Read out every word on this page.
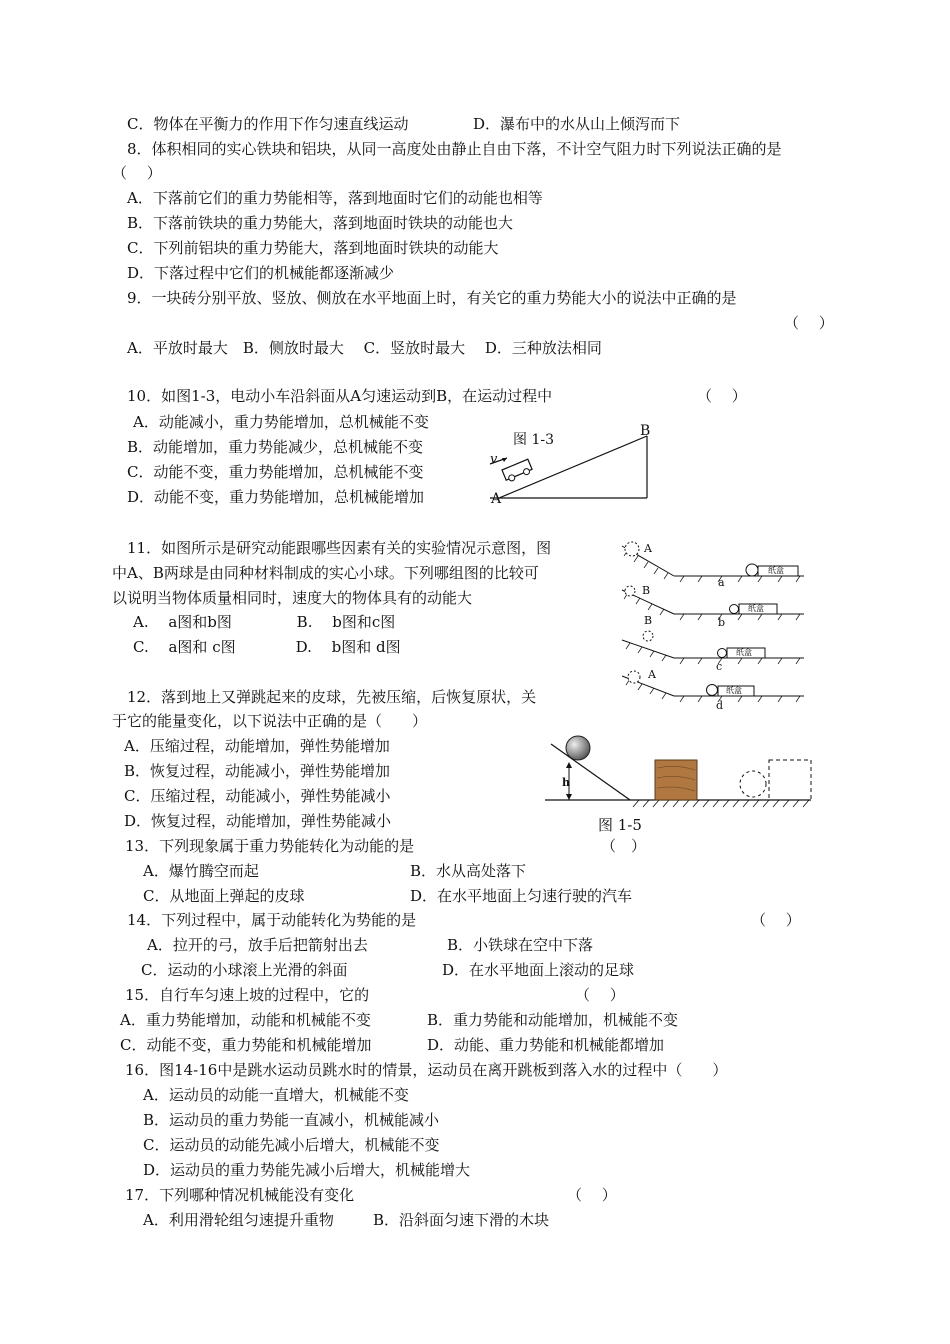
C．物体在平衡力的作用下作匀速直线运动	D．瀑布中的水从山上倾泻而下
8．体积相同的实心铁块和铝块，从同一高度处由静止自由下落，不计空气阻力时下列说法正确的是
（　 ）
A．下落前它们的重力势能相等，落到地面时它们的动能也相等
B．下落前铁块的重力势能大，落到地面时铁块的动能也大
C．下列前铝块的重力势能大，落到地面时铁块的动能大
D．下落过程中它们的机械能都逐渐减少
9．一块砖分别平放、竖放、侧放在水平地面上时，有关它的重力势能大小的说法中正确的是
（　 ）
A．平放时最大　B．侧放时最大　 C．竖放时最大　 D．三种放法相同
10．如图1-3，电动小车沿斜面从A匀速运动到B，在运动过程中	（　 ）
A．动能减小，重力势能增加，总机械能不变
B．动能增加，重力势能减少，总机械能不变
C．动能不变，重力势能增加，总机械能不变
D．动能不变，重力势能增加，总机械能增加
图 1-3
A
B
v
11．如图所示是研究动能跟哪些因素有关的实验情况示意图，图
中A、B两球是由同种材料制成的实心小球。下列哪组图的比较可
以说明当物体质量相同时，速度大的物体具有的动能大
A.　 a图和b图　　　　 B.　 b图和c图
C.　 a图和 c图　　　　D.　 b图和 d图
A
纸盒
a
B
纸盒
b
B
纸盒
c
A
纸盒
d
12．落到地上又弹跳起来的皮球，先被压缩，后恢复原状，关
于它的能量变化，以下说法中正确的是（　　）
A．压缩过程，动能增加，弹性势能增加
B．恢复过程，动能减小，弹性势能增加
C．压缩过程，动能减小，弹性势能减小
D．恢复过程，动能增加，弹性势能减小
h
图 1-5
13．下列现象属于重力势能转化为动能的是	（　）
A．爆竹腾空而起	B．水从高处落下
C．从地面上弹起的皮球	D．在水平地面上匀速行驶的汽车
14．下列过程中，属于动能转化为势能的是	（　 ）
A．拉开的弓，放手后把箭射出去	B．小铁球在空中下落
C．运动的小球滚上光滑的斜面	D．在水平地面上滚动的足球
15．自行车匀速上坡的过程中，它的	（　 ）
A．重力势能增加，动能和机械能不变	B．重力势能和动能增加，机械能不变
C．动能不变，重力势能和机械能增加	D．动能、重力势能和机械能都增加
16．图14-16中是跳水运动员跳水时的情景，运动员在离开跳板到落入水的过程中（　　）
A．运动员的动能一直增大，机械能不变
B．运动员的重力势能一直减小，机械能减小
C．运动员的动能先减小后增大，机械能不变
D．运动员的重力势能先减小后增大，机械能增大
17．下列哪种情况机械能没有变化	（　 ）
A．利用滑轮组匀速提升重物	B．沿斜面匀速下滑的木块
